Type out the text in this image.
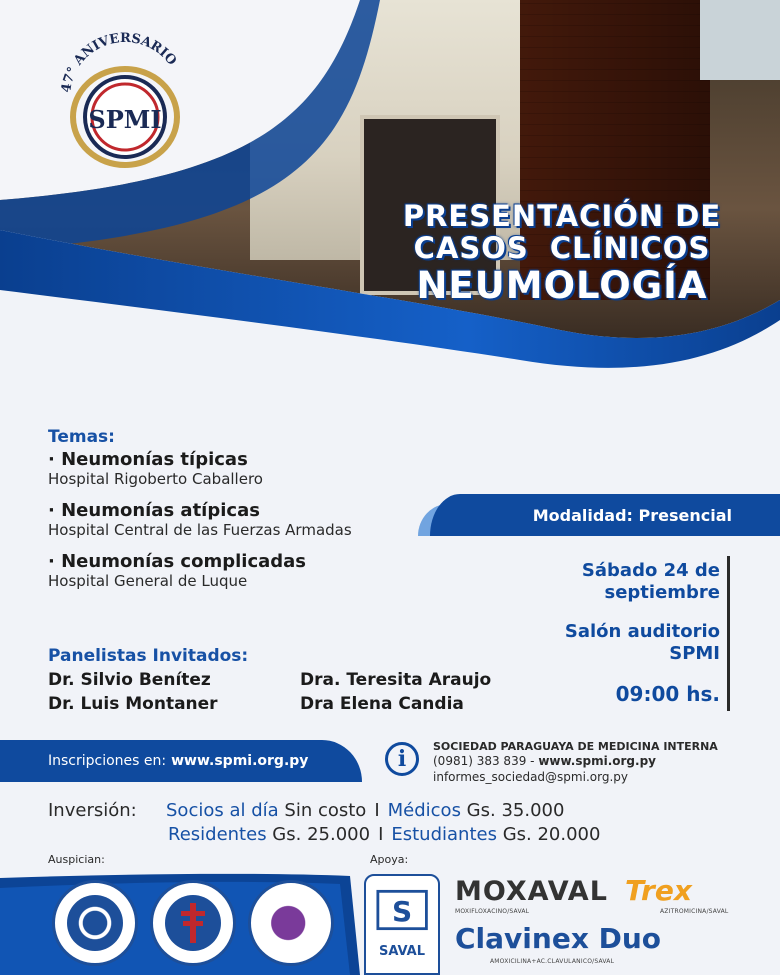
47° ANIVERSARIO
SPMI
PRESENTACIÓN DE
CASOS CLÍNICOS
NEUMOLOGÍA
Temas:
· Neumonías típicas
Hospital Rigoberto Caballero
· Neumonías atípicas
Hospital Central de las Fuerzas Armadas
· Neumonías complicadas
Hospital General de Luque
Modalidad: Presencial
Sábado 24 de
septiembre
Salón auditorio
SPMI
09:00 hs.
Panelistas Invitados:
Dr. Silvio Benítez
Dr. Luis Montaner
Dra. Teresita Araujo
Dra Elena Candia
Inscripciones en: www.spmi.org.py	i	SOCIEDAD PARAGUAYA DE MEDICINA INTERNA
(0981) 383 839 - www.spmi.org.py
informes_sociedad@spmi.org.py
Inversión: Socios al día Sin costo I Médicos Gs. 35.000
Residentes Gs. 25.000 I Estudiantes Gs. 20.000
Auspician:	Apoya:
S
SAVAL
MOXAVAL
MOXIFLOXACINO/SAVAL
Trex
AZITROMICINA/SAVAL
Clavinex Duo
AMOXICILINA+AC.CLAVULANICO/SAVAL
